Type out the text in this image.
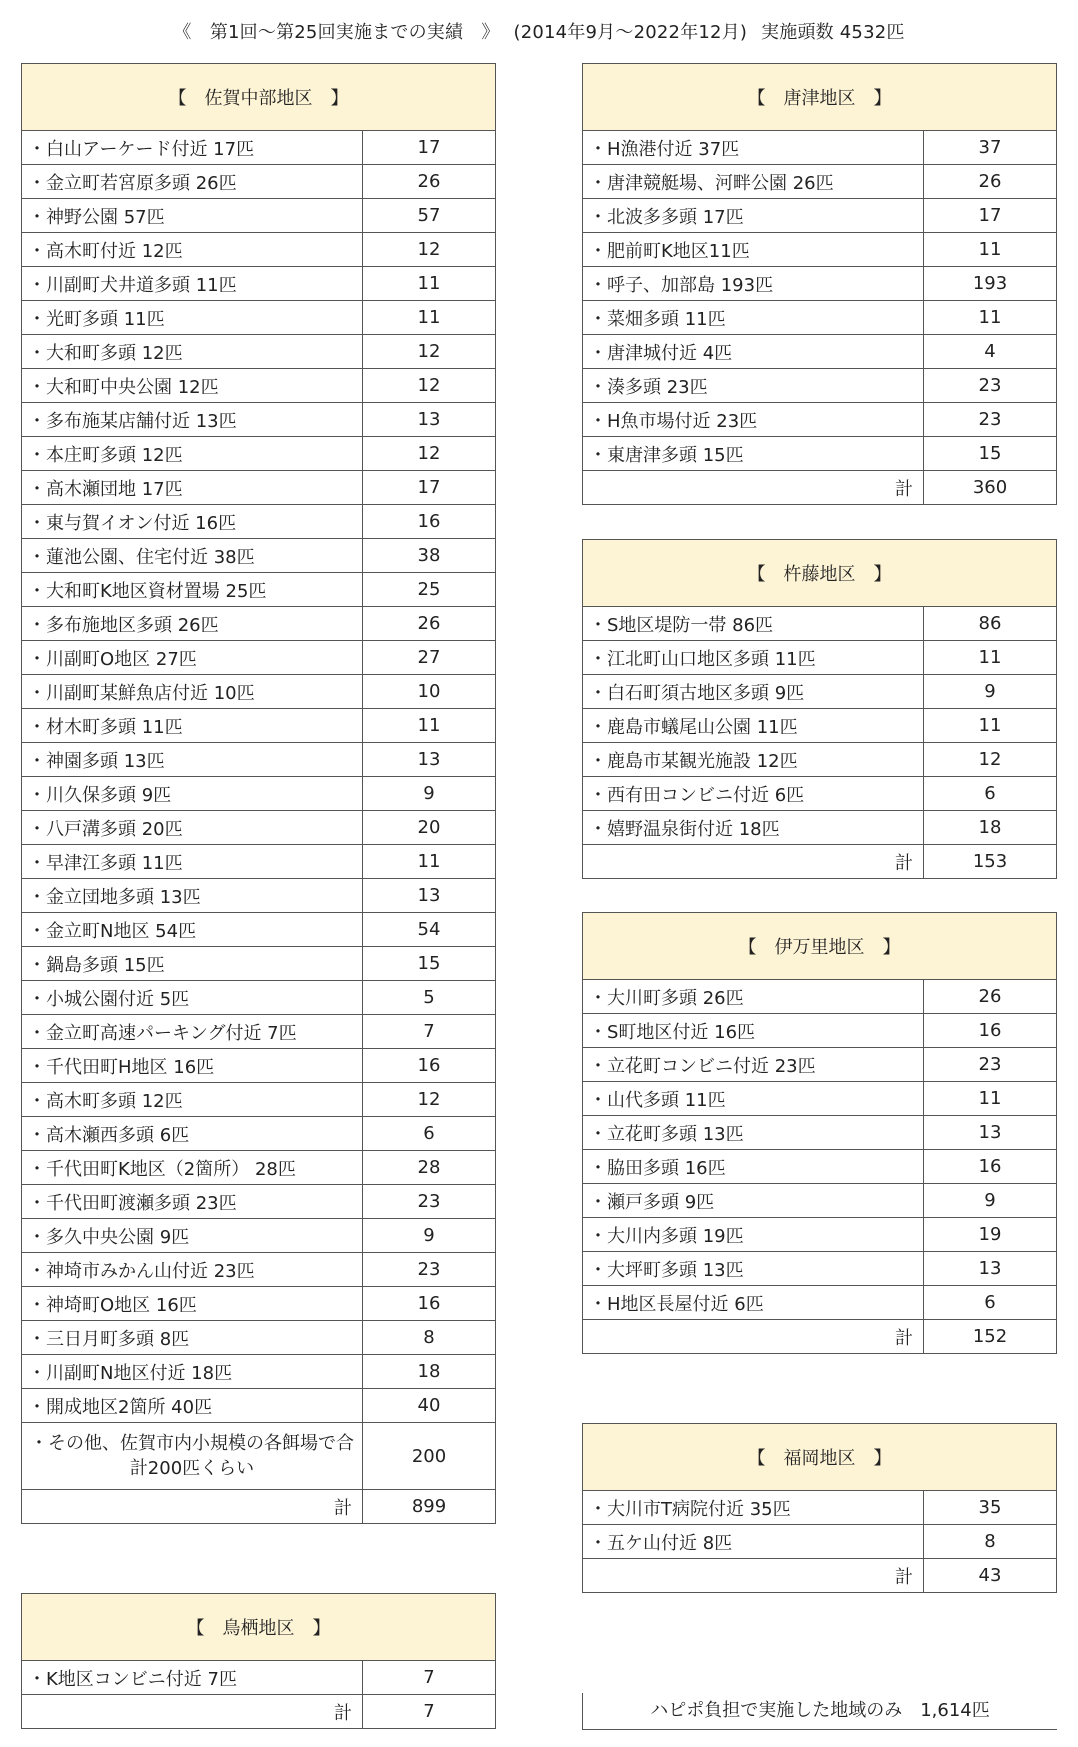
《　第1回～第25回実施までの実績　》 (2014年9月～2022年12月) 実施頭数 4532匹
【　佐賀中部地区　】	
・白山アーケード付近 17匹	17
・金立町若宮原多頭 26匹	26
・神野公園 57匹	57
・高木町付近 12匹	12
・川副町犬井道多頭 11匹	11
・光町多頭 11匹	11
・大和町多頭 12匹	12
・大和町中央公園 12匹	12
・多布施某店舗付近 13匹	13
・本庄町多頭 12匹	12
・高木瀬団地 17匹	17
・東与賀イオン付近 16匹	16
・蓮池公園、住宅付近 38匹	38
・大和町K地区資材置場 25匹	25
・多布施地区多頭 26匹	26
・川副町O地区 27匹	27
・川副町某鮮魚店付近 10匹	10
・材木町多頭 11匹	11
・神園多頭 13匹	13
・川久保多頭 9匹	9
・八戸溝多頭 20匹	20
・早津江多頭 11匹	11
・金立団地多頭 13匹	13
・金立町N地区 54匹	54
・鍋島多頭 15匹	15
・小城公園付近 5匹	5
・金立町高速パーキング付近 7匹	7
・千代田町H地区 16匹	16
・高木町多頭 12匹	12
・高木瀬西多頭 6匹	6
・千代田町K地区（2箇所） 28匹	28
・千代田町渡瀬多頭 23匹	23
・多久中央公園 9匹	9
・神埼市みかん山付近 23匹	23
・神埼町O地区 16匹	16
・三日月町多頭 8匹	8
・川副町N地区付近 18匹	18
・開成地区2箇所 40匹	40
・その他、佐賀市内小規模の各餌場で合計200匹くらい	200
計	899
【　鳥栖地区　】	
・K地区コンビニ付近 7匹	7
計	7
【　唐津地区　】	
・H漁港付近 37匹	37
・唐津競艇場、河畔公園 26匹	26
・北波多多頭 17匹	17
・肥前町K地区11匹	11
・呼子、加部島 193匹	193
・菜畑多頭 11匹	11
・唐津城付近 4匹	4
・湊多頭 23匹	23
・H魚市場付近 23匹	23
・東唐津多頭 15匹	15
計	360
【　杵藤地区　】	
・S地区堤防一帯 86匹	86
・江北町山口地区多頭 11匹	11
・白石町須古地区多頭 9匹	9
・鹿島市蟻尾山公園 11匹	11
・鹿島市某観光施設 12匹	12
・西有田コンビニ付近 6匹	6
・嬉野温泉街付近 18匹	18
計	153
【　伊万里地区　】	
・大川町多頭 26匹	26
・S町地区付近 16匹	16
・立花町コンビニ付近 23匹	23
・山代多頭 11匹	11
・立花町多頭 13匹	13
・脇田多頭 16匹	16
・瀬戸多頭 9匹	9
・大川内多頭 19匹	19
・大坪町多頭 13匹	13
・H地区長屋付近 6匹	6
計	152
【　福岡地区　】	
・大川市T病院付近 35匹	35
・五ケ山付近 8匹	8
計	43
ハピポ負担で実施した地域のみ　1,614匹
